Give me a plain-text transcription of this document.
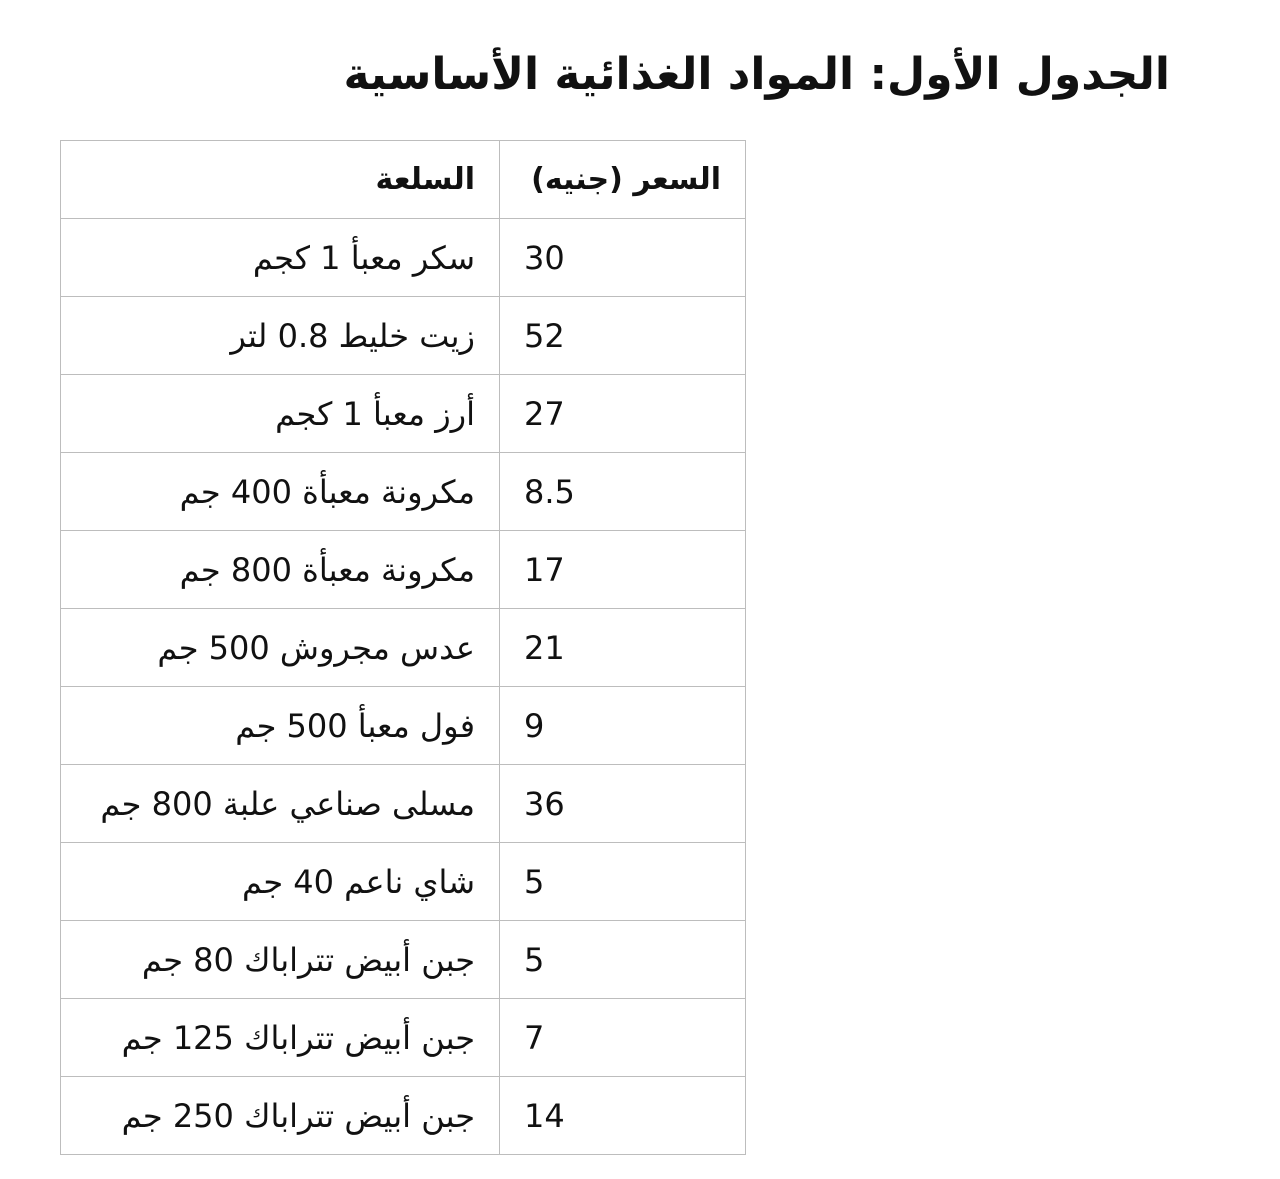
الجدول الأول: المواد الغذائية الأساسية
السلعة	السعر (جنيه)
سكر معبأ 1 كجم	30
زيت خليط 0.8 لتر	52
أرز معبأ 1 كجم	27
مكرونة معبأة 400 جم	8.5
مكرونة معبأة 800 جم	17
عدس مجروش 500 جم	21
فول معبأ 500 جم	9
مسلى صناعي علبة 800 جم	36
شاي ناعم 40 جم	5
جبن أبيض تتراباك 80 جم	5
جبن أبيض تتراباك 125 جم	7
جبن أبيض تتراباك 250 جم	14
